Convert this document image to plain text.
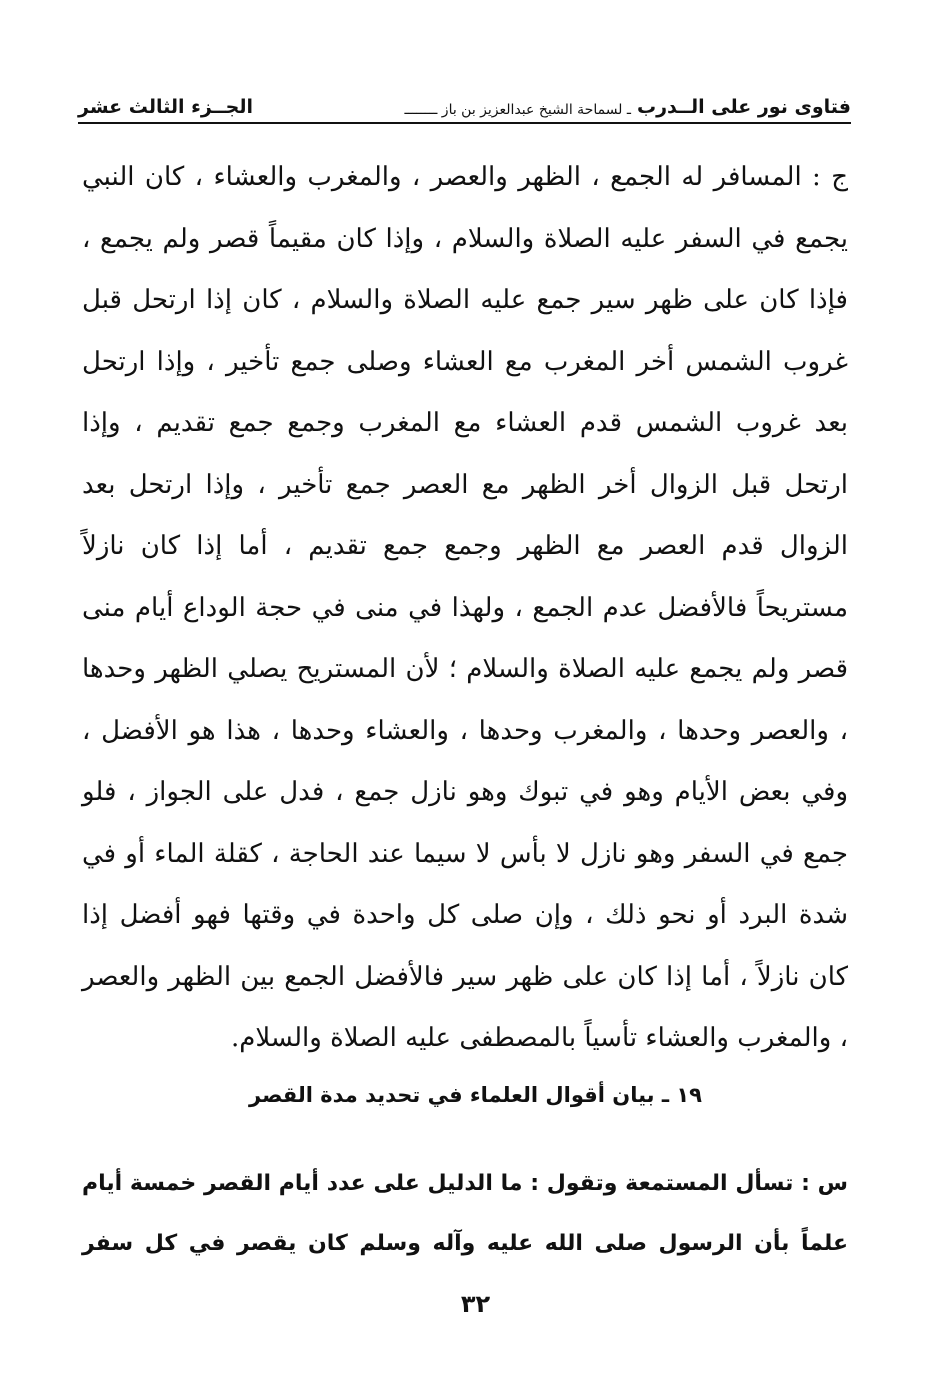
فتاوى نور على الــدرب
ـ لسماحة الشيخ عبدالعزيز بن باز ــــــــ
الجــزء الثالث عشر

ج : المسافر له الجمع ، الظهر والعصر ، والمغرب والعشاء ، كان النبي يجمع في السفر عليه الصلاة والسلام ، وإذا كان مقيماً قصر ولم يجمع ، فإذا كان على ظهر سير جمع عليه الصلاة والسلام ، كان إذا ارتحل قبل غروب الشمس أخر المغرب مع العشاء وصلى جمع تأخير ، وإذا ارتحل بعد غروب الشمس قدم العشاء مع المغرب وجمع جمع تقديم ، وإذا ارتحل قبل الزوال أخر الظهر مع العصر جمع تأخير ، وإذا ارتحل بعد الزوال قدم العصر مع الظهر وجمع جمع تقديم ، أما إذا كان نازلاً مستريحاً فالأفضل عدم الجمع ، ولهذا في منى في حجة الوداع أيام منى قصر ولم يجمع عليه الصلاة والسلام ؛ لأن المستريح يصلي الظهر وحدها ، والعصر وحدها ، والمغرب وحدها ، والعشاء وحدها ، هذا هو الأفضل ، وفي بعض الأيام وهو في تبوك وهو نازل جمع ، فدل على الجواز ، فلو جمع في السفر وهو نازل لا بأس لا سيما عند الحاجة ، كقلة الماء أو في شدة البرد أو نحو ذلك ، وإن صلى كل واحدة في وقتها فهو أفضل إذا كان نازلاً ، أما إذا كان على ظهر سير فالأفضل الجمع بين الظهر والعصر ، والمغرب والعشاء تأسياً بالمصطفى عليه الصلاة والسلام.

١٩ ـ بيان أقوال العلماء في تحديد مدة القصر

س : تسأل المستمعة وتقول : ما الدليل على عدد أيام القصر خمسة أيام علماً بأن الرسول صلى الله عليه وآله وسلم كان يقصر في كل سفر

٣٢
